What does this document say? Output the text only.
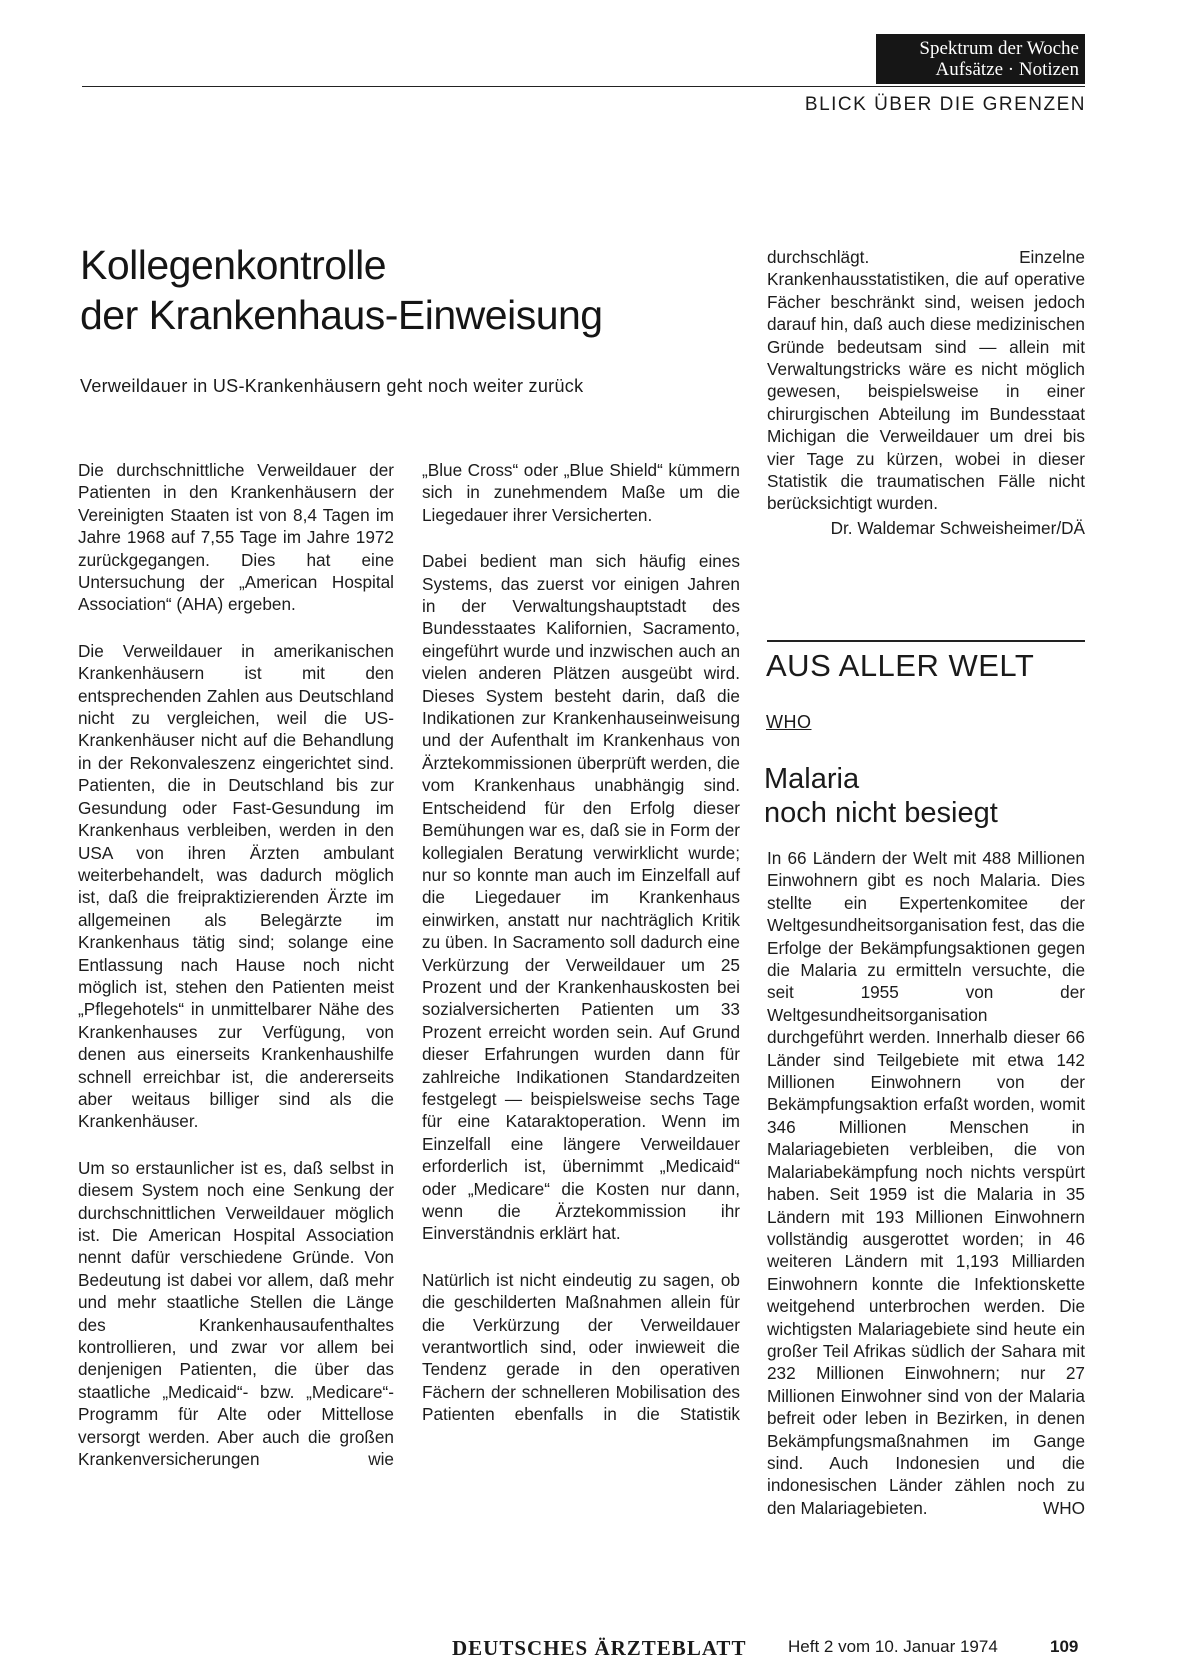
Spektrum der Woche
Aufsätze · Notizen
BLICK ÜBER DIE GRENZEN
Kollegenkontrolle
der Krankenhaus-Einweisung
Verweildauer in US-Krankenhäusern geht noch weiter zurück

Die durchschnittliche Verweildauer der Patienten in den Krankenhäusern der Vereinigten Staaten ist von 8,4 Tagen im Jahre 1968 auf 7,55 Tage im Jahre 1972 zurückgegangen. Dies hat eine Untersuchung der „American Hospital Association“ (AHA) ergeben.

Die Verweildauer in amerikanischen Krankenhäusern ist mit den entsprechenden Zahlen aus Deutschland nicht zu vergleichen, weil die US-Krankenhäuser nicht auf die Behandlung in der Rekonvaleszenz eingerichtet sind. Patienten, die in Deutschland bis zur Gesundung oder Fast-Gesundung im Krankenhaus verbleiben, werden in den USA von ihren Ärzten ambulant weiterbehandelt, was dadurch möglich ist, daß die freipraktizierenden Ärzte im allgemeinen als Belegärzte im Krankenhaus tätig sind; solange eine Entlassung nach Hause noch nicht möglich ist, stehen den Patienten meist „Pflegehotels“ in unmittelbarer Nähe des Krankenhauses zur Verfügung, von denen aus einerseits Krankenhaushilfe schnell erreichbar ist, die andererseits aber weitaus billiger sind als die Krankenhäuser.

Um so erstaunlicher ist es, daß selbst in diesem System noch eine Senkung der durchschnittlichen Verweildauer möglich ist. Die American Hospital Association nennt dafür verschiedene Gründe. Von Bedeutung ist dabei vor allem, daß mehr und mehr staatliche Stellen die Länge des Krankenhausaufenthaltes kontrollieren, und zwar vor allem bei denjenigen Patienten, die über das staatliche „Medicaid“- bzw. „Medicare“-Programm für Alte oder Mittellose versorgt werden. Aber auch die großen Krankenversicherungen wie

„Blue Cross“ oder „Blue Shield“ kümmern sich in zunehmendem Maße um die Liegedauer ihrer Versicherten.

Dabei bedient man sich häufig eines Systems, das zuerst vor einigen Jahren in der Verwaltungshauptstadt des Bundesstaates Kalifornien, Sacramento, eingeführt wurde und inzwischen auch an vielen anderen Plätzen ausgeübt wird. Dieses System besteht darin, daß die Indikationen zur Krankenhauseinweisung und der Aufenthalt im Krankenhaus von Ärztekommissionen überprüft werden, die vom Krankenhaus unabhängig sind. Entscheidend für den Erfolg dieser Bemühungen war es, daß sie in Form der kollegialen Beratung verwirklicht wurde; nur so konnte man auch im Einzelfall auf die Liegedauer im Krankenhaus einwirken, anstatt nur nachträglich Kritik zu üben. In Sacramento soll dadurch eine Verkürzung der Verweildauer um 25 Prozent und der Krankenhauskosten bei sozialversicherten Patienten um 33 Prozent erreicht worden sein. Auf Grund dieser Erfahrungen wurden dann für zahlreiche Indikationen Standardzeiten festgelegt — beispielsweise sechs Tage für eine Kataraktoperation. Wenn im Einzelfall eine längere Verweildauer erforderlich ist, übernimmt „Medicaid“ oder „Medicare“ die Kosten nur dann, wenn die Ärztekommission ihr Einverständnis erklärt hat.

Natürlich ist nicht eindeutig zu sagen, ob die geschilderten Maßnahmen allein für die Verkürzung der Verweildauer verantwortlich sind, oder inwieweit die Tendenz gerade in den operativen Fächern der schnelleren Mobilisation des Patienten ebenfalls in die Statistik

durchschlägt. Einzelne Krankenhausstatistiken, die auf operative Fächer beschränkt sind, weisen jedoch darauf hin, daß auch diese medizinischen Gründe bedeutsam sind — allein mit Verwaltungstricks wäre es nicht möglich gewesen, beispielsweise in einer chirurgischen Abteilung im Bundesstaat Michigan die Verweildauer um drei bis vier Tage zu kürzen, wobei in dieser Statistik die traumatischen Fälle nicht berücksichtigt wurden.

Dr. Waldemar Schweisheimer/DÄ
AUS ALLER WELT
WHO
Malaria
noch nicht besiegt
In 66 Ländern der Welt mit 488 Millionen Einwohnern gibt es noch Malaria. Dies stellte ein Expertenkomitee der Weltgesundheitsorganisation fest, das die Erfolge der Bekämpfungsaktionen gegen die Malaria zu ermitteln versuchte, die seit 1955 von der Weltgesundheitsorganisation durchgeführt werden. Innerhalb dieser 66 Länder sind Teilgebiete mit etwa 142 Millionen Einwohnern von der Bekämpfungsaktion erfaßt worden, womit 346 Millionen Menschen in Malariagebieten verbleiben, die von Malariabekämpfung noch nichts verspürt haben. Seit 1959 ist die Malaria in 35 Ländern mit 193 Millionen Einwohnern vollständig ausgerottet worden; in 46 weiteren Ländern mit 1,193 Milliarden Einwohnern konnte die Infektionskette weitgehend unterbrochen werden. Die wichtigsten Malariagebiete sind heute ein großer Teil Afrikas südlich der Sahara mit 232 Millionen Einwohnern; nur 27 Millionen Einwohner sind von der Malaria befreit oder leben in Bezirken, in denen Bekämpfungsmaßnahmen im Gange sind. Auch Indonesien und die indonesischen Länder zählen noch zu den Malariagebieten.	WHO
DEUTSCHES ÄRZTEBLATT Heft 2 vom 10. Januar 1974	109
